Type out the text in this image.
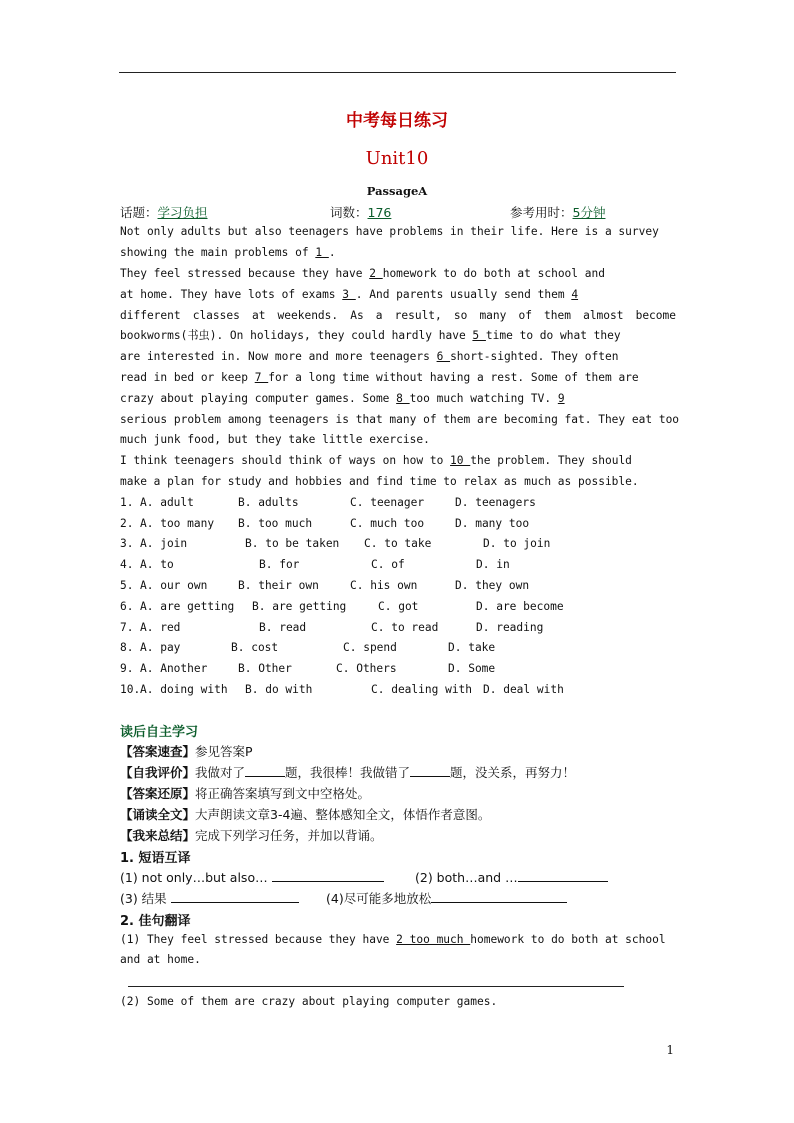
中考每日练习
Unit10
PassageA
话题：学习负担	词数：176	参考用时：5分钟
Not only adults but also teenagers have problems in their life. Here is a survey
showing the main problems of 1 .
They feel stressed because they have 2 homework to do both at school and
at home. They have lots of exams 3 . And parents usually send them 4
different classes at weekends. As a result, so many of them almost become
bookworms(书虫). On holidays, they could hardly have 5 time to do what they
are interested in. Now more and more teenagers 6 short-sighted. They often
read in bed or keep 7 for a long time without having a rest. Some of them are
crazy about playing computer games. Some 8 too much watching TV. 9
serious problem among teenagers is that many of them are becoming fat. They eat too
much junk food, but they take little exercise.
I think teenagers should think of ways on how to 10 the problem. They should
make a plan for study and hobbies and find time to relax as much as possible.
1. A. adult	B. adults	C. teenager	D. teenagers
2. A. too many B. too much	C. much too	D. many too
3. A. join	B. to be taken C. to take	D. to join
4. A. to	B. for	C. of	D. in
5. A. our own	B. their own	C. his own	D. they own
6. A. are getting B. are getting	C. got	D. are become
7. A. red	B. read	C. to read	D. reading
8. A. pay	B. cost	C. spend	D. take
9. A. Another	B. Other	C. Others	D. Some
10. A. doing with B. do with	C. dealing with D. deal with
读后自主学习
【答案速查】参见答案P
【自我评价】我做对了	题，我很棒！我做错了	题，没关系，再努力！
【答案还原】将正确答案填写到文中空格处。
【诵读全文】大声朗读文章3-4遍、整体感知全文，体悟作者意图。
【我来总结】完成下列学习任务，并加以背诵。
1. 短语互译
(1) not only…but also…	(2) both…and …
(3) 结果	(4)尽可能多地放松
2. 佳句翻译
(1) They feel stressed because they have 2 too much homework to do both at school
and at home.
(2) Some of them are crazy about playing computer games.
1
